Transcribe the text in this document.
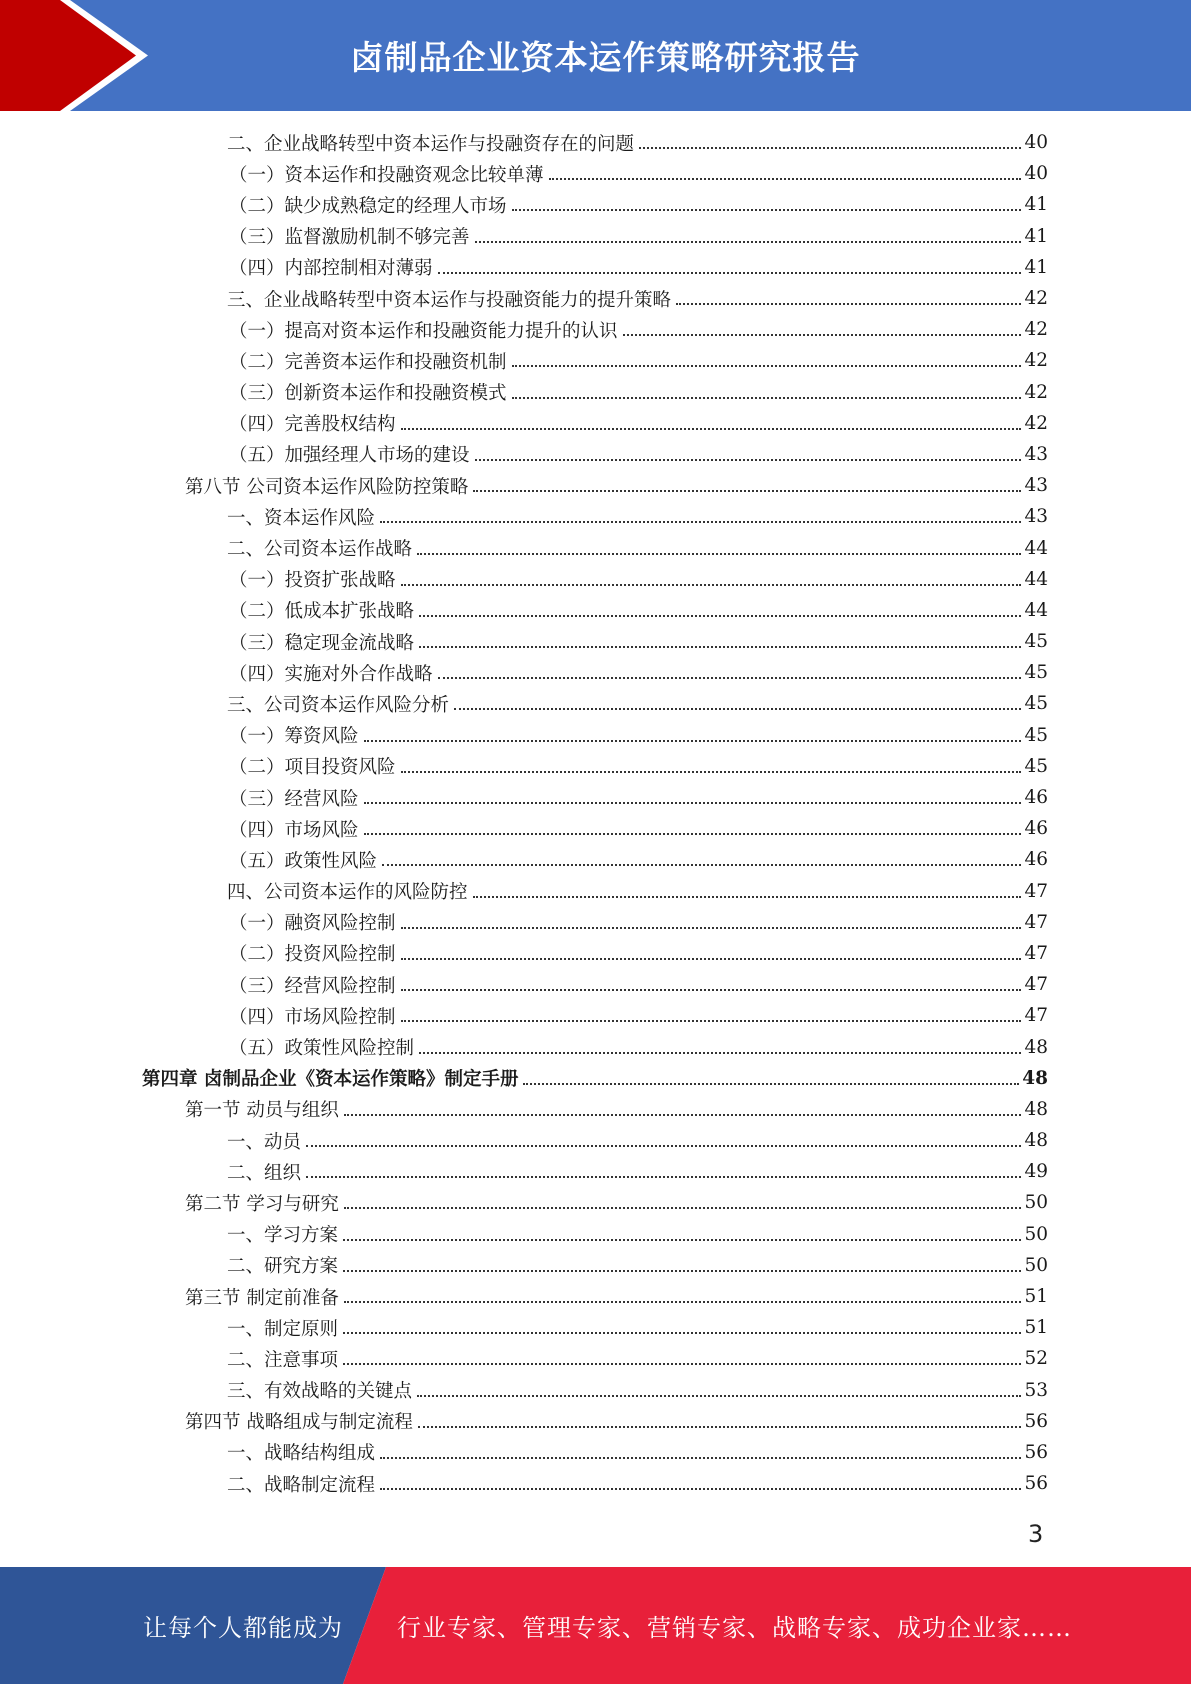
卤制品企业资本运作策略研究报告
二、企业战略转型中资本运作与投融资存在的问题	40
（一）资本运作和投融资观念比较单薄	40
（二）缺少成熟稳定的经理人市场	41
（三）监督激励机制不够完善	41
（四）内部控制相对薄弱	41
三、企业战略转型中资本运作与投融资能力的提升策略	42
（一）提高对资本运作和投融资能力提升的认识	42
（二）完善资本运作和投融资机制	42
（三）创新资本运作和投融资模式	42
（四）完善股权结构	42
（五）加强经理人市场的建设	43
第八节 公司资本运作风险防控策略	43
一、资本运作风险	43
二、公司资本运作战略	44
（一）投资扩张战略	44
（二）低成本扩张战略	44
（三）稳定现金流战略	45
（四）实施对外合作战略	45
三、公司资本运作风险分析	45
（一）筹资风险	45
（二）项目投资风险	45
（三）经营风险	46
（四）市场风险	46
（五）政策性风险	46
四、公司资本运作的风险防控	47
（一）融资风险控制	47
（二）投资风险控制	47
（三）经营风险控制	47
（四）市场风险控制	47
（五）政策性风险控制	48
第四章 卤制品企业《资本运作策略》制定手册	48
第一节 动员与组织	48
一、动员	48
二、组织	49
第二节 学习与研究	50
一、学习方案	50
二、研究方案	50
第三节 制定前准备	51
一、制定原则	51
二、注意事项	52
三、有效战略的关键点	53
第四节 战略组成与制定流程	56
一、战略结构组成	56
二、战略制定流程	56
3
让每个人都能成为 行业专家、管理专家、营销专家、战略专家、成功企业家……
